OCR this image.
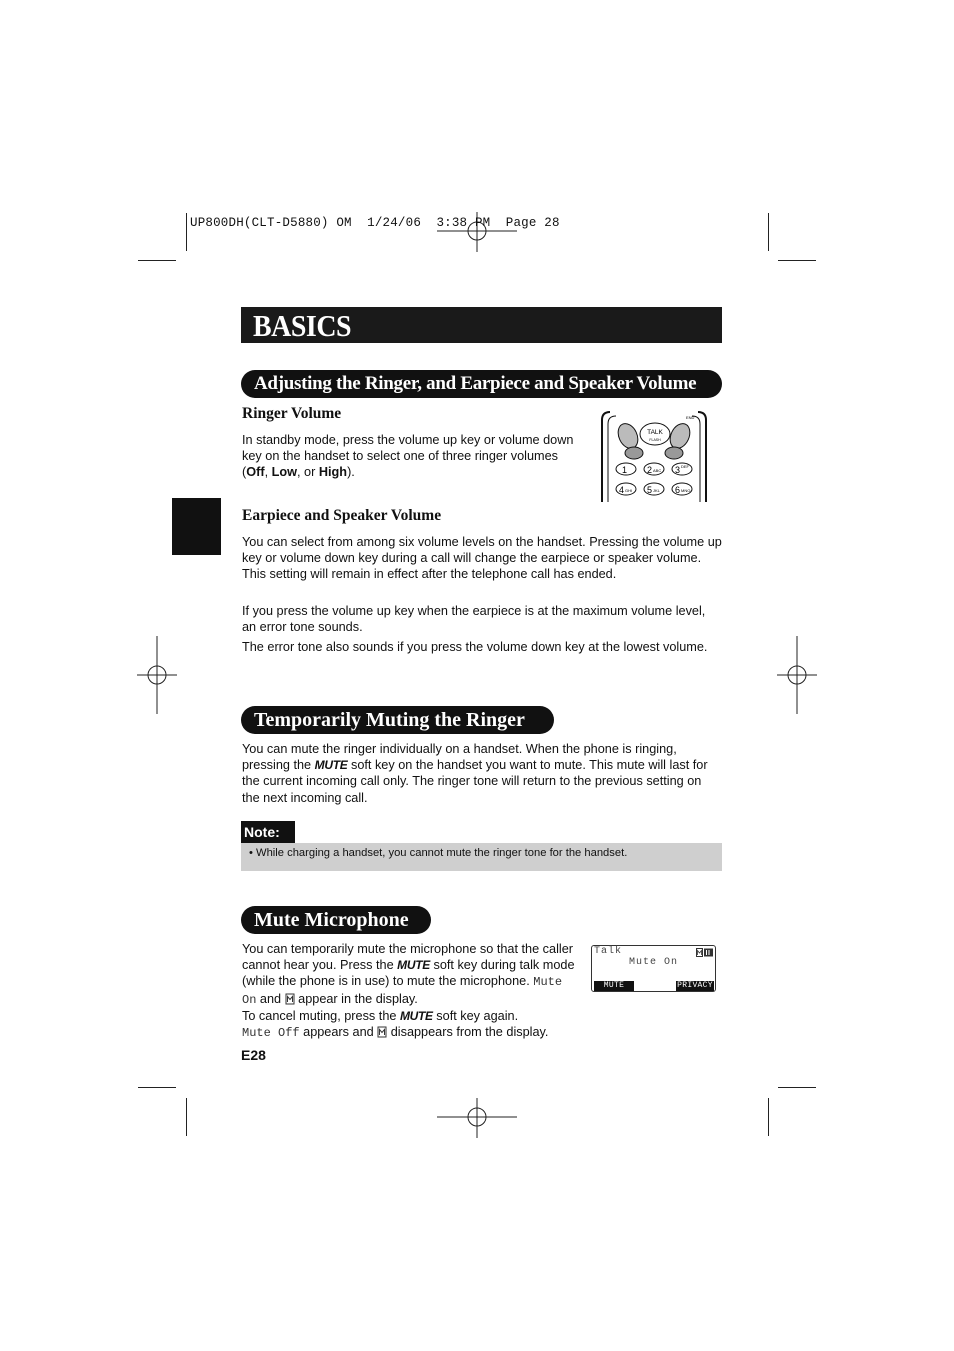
UP800DH(CLT-D5880) OM  1/24/06  3:38 PM  Page 28
BASICS
Adjusting the Ringer, and Earpiece and Speaker Volume
Ringer Volume
In standby mode, press the volume up key or volume down key on the handset to select one of three ringer volumes (Off, Low, or High).
TALK
FLASH
END
1 2 ABC 3 DEF
4 GHI 5 JKL 6 MNO
Earpiece and Speaker Volume
You can select from among six volume levels on the handset. Pressing the volume up key or volume down key during a call will change the earpiece or speaker volume. This setting will remain in effect after the telephone call has ended.
If you press the volume up key when the earpiece is at the maximum volume level, an error tone sounds.
The error tone also sounds if you press the volume down key at the lowest volume.
Temporarily Muting the Ringer
You can mute the ringer individually on a handset. When the phone is ringing, pressing the MUTE soft key on the handset you want to mute. This mute will last for the current incoming call only. The ringer tone will return to the previous setting on the next incoming call.
Note:
• While charging a handset, you cannot mute the ringer tone for the handset.
Mute Microphone
You can temporarily mute the microphone so that the caller cannot hear you. Press the MUTE soft key during talk mode (while the phone is in use) to mute the microphone. Mute On and  appear in the display.
To cancel muting, press the MUTE soft key again.
Mute Off appears and  disappears from the display.
Talk
Mute On
MUTE	PRIVACY
E28
